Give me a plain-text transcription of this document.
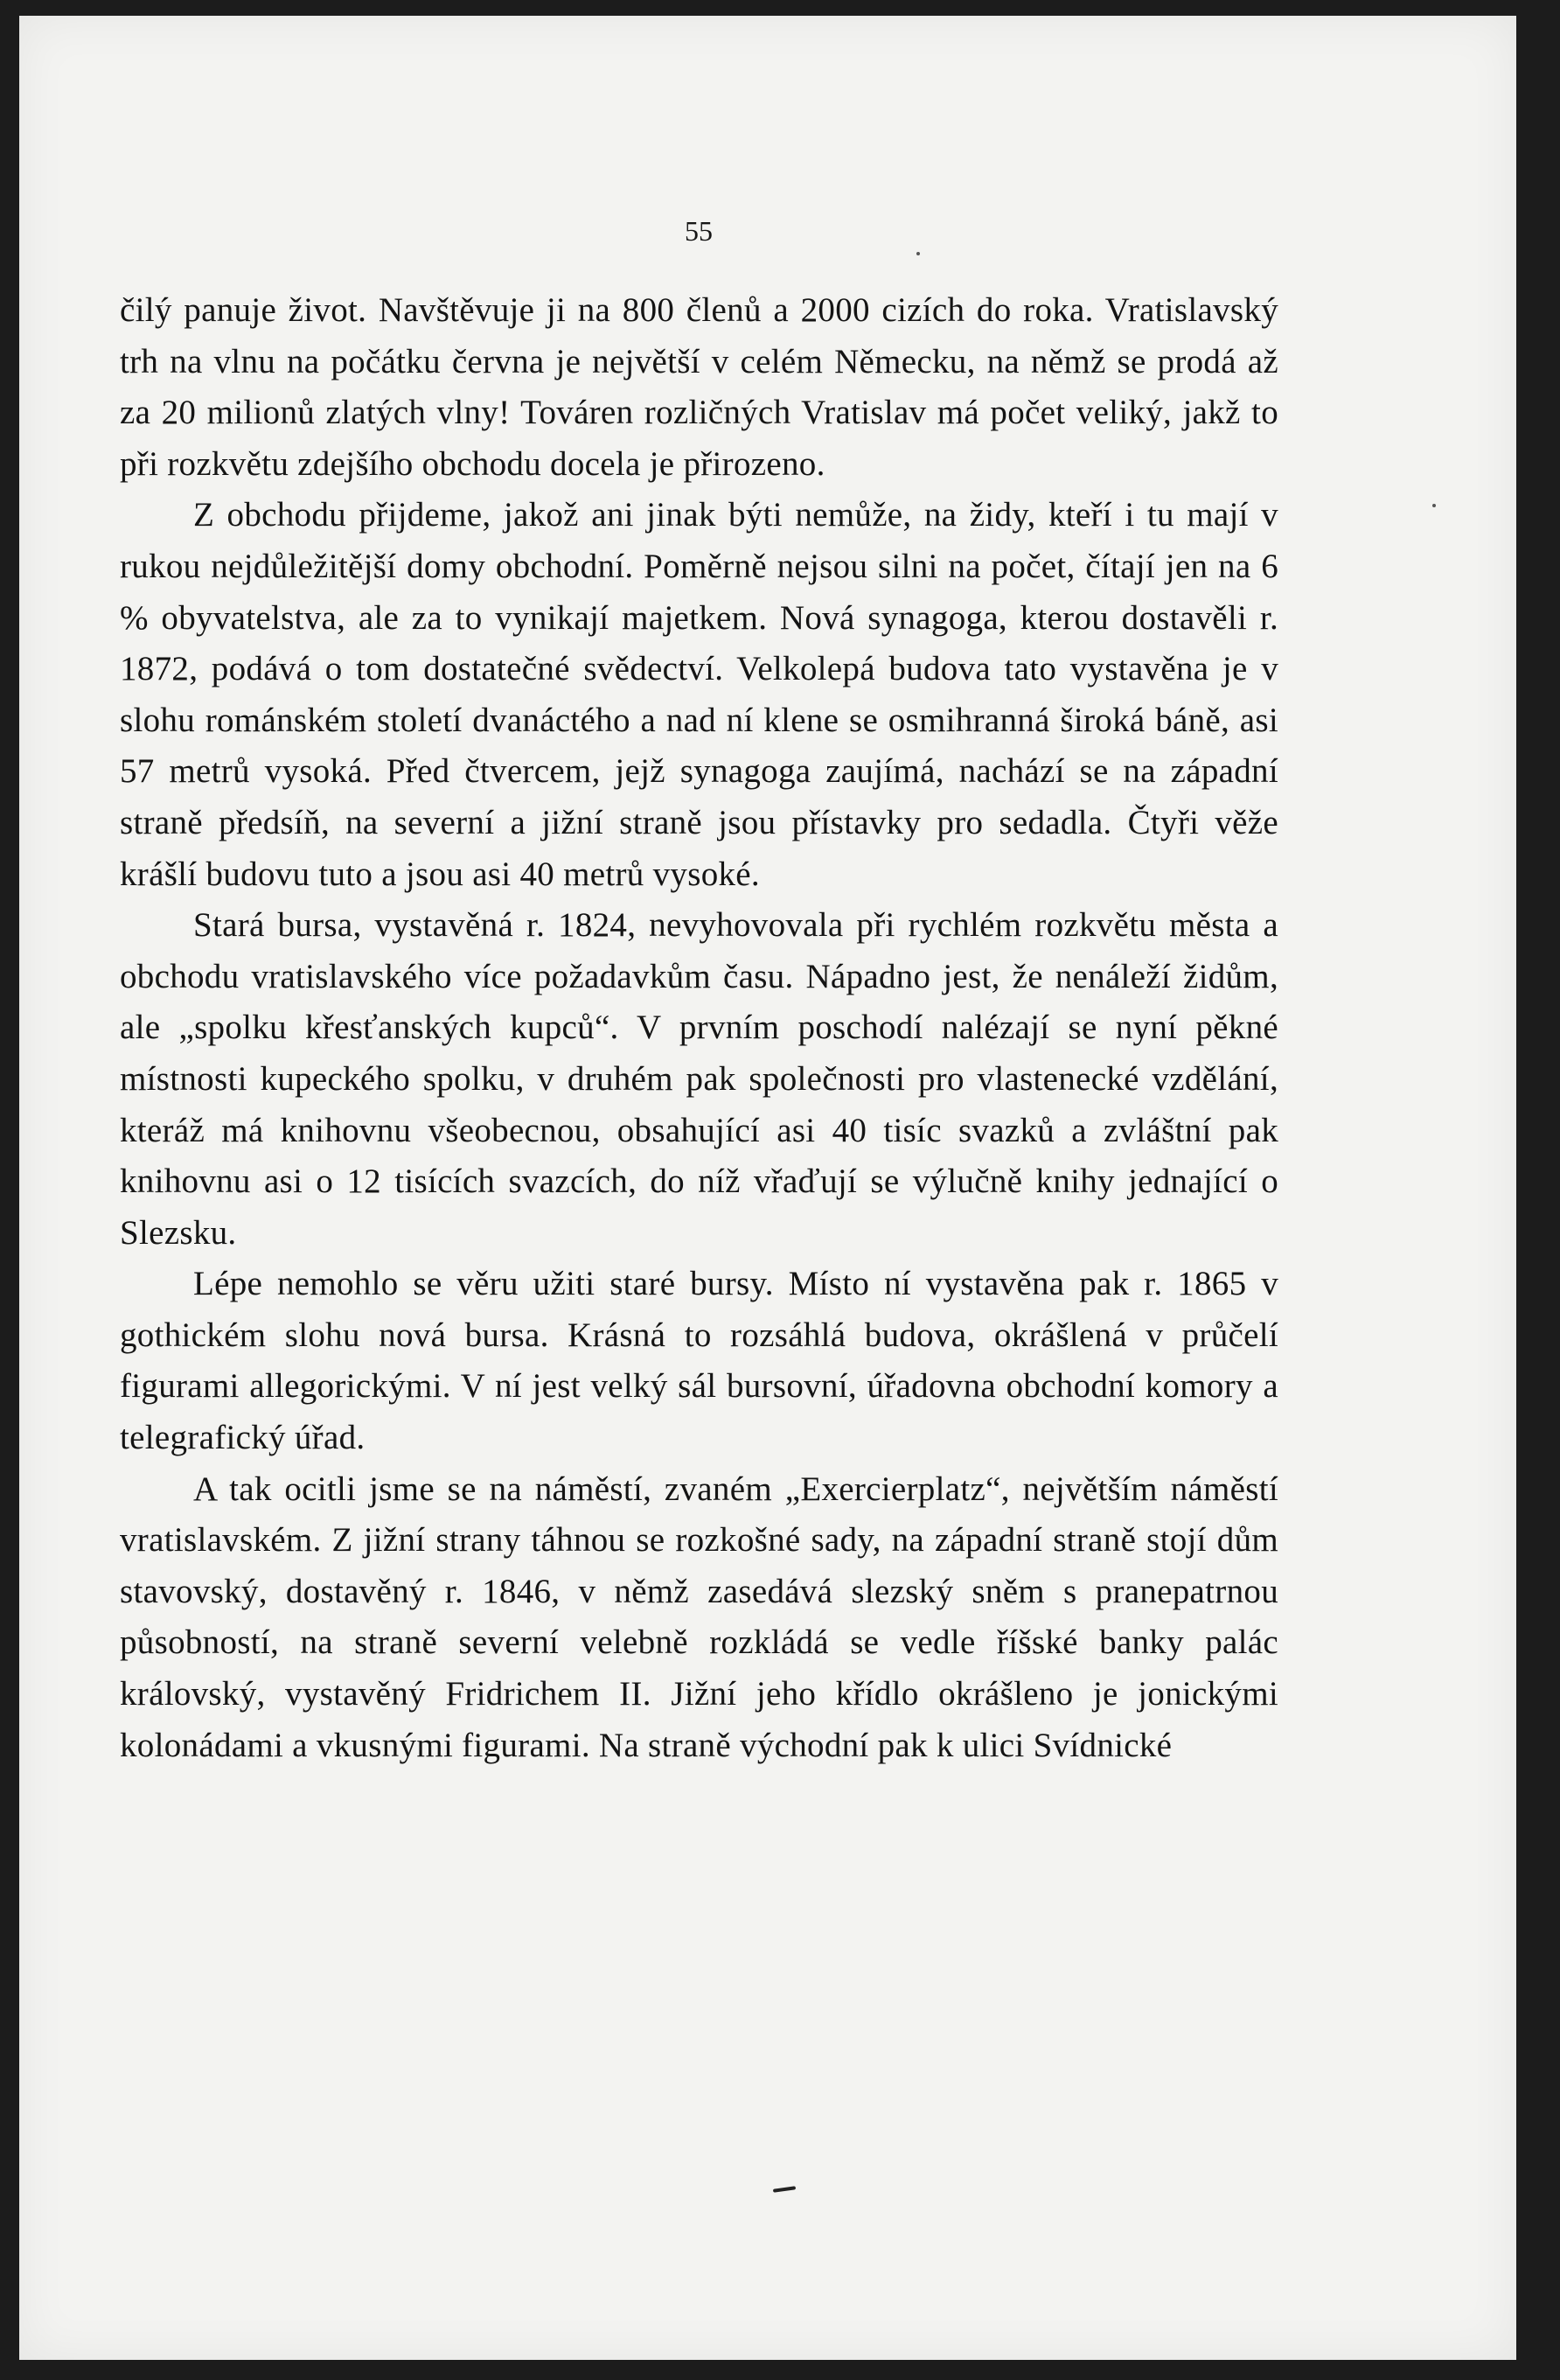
55

čilý panuje život. Navštěvuje ji na 800 členů a 2000 cizích do roka. Vratislavský trh na vlnu na počátku června je největší v celém Německu, na němž se prodá až za 20 milionů zlatých vlny! Továren rozličných Vratislav má počet veliký, jakž to při rozkvětu zdejšího obchodu docela je přirozeno.

Z obchodu přijdeme, jakož ani jinak býti nemůže, na židy, kteří i tu mají v rukou nejdůležitější domy obchodní. Poměrně nejsou silni na počet, čítají jen na 6 % obyvatelstva, ale za to vynikají majetkem. Nová synagoga, kterou dostavěli r. 1872, podává o tom dostatečné svědectví. Velkolepá budova tato vystavěna je v slohu románském století dvanáctého a nad ní klene se osmihranná široká báně, asi 57 metrů vysoká. Před čtvercem, jejž synagoga zaujímá, nachází se na západní straně předsíň, na severní a jižní straně jsou přístavky pro sedadla. Čtyři věže krášlí budovu tuto a jsou asi 40 metrů vysoké.

Stará bursa, vystavěná r. 1824, nevyhovovala při rychlém rozkvětu města a obchodu vratislavského více požadavkům času. Nápadno jest, že nenáleží židům, ale „spolku křesťanských kupců“. V prvním poschodí nalézají se nyní pěkné místnosti kupeckého spolku, v druhém pak společnosti pro vlastenecké vzdělání, kteráž má knihovnu všeobecnou, obsahující asi 40 tisíc svazků a zvláštní pak knihovnu asi o 12 tisících svazcích, do níž vřaďují se výlučně knihy jednající o Slezsku.

Lépe nemohlo se věru užiti staré bursy. Místo ní vystavěna pak r. 1865 v gothickém slohu nová bursa. Krásná to rozsáhlá budova, okrášlená v průčelí figurami allegorickými. V ní jest velký sál bursovní, úřadovna obchodní komory a telegrafický úřad.

A tak ocitli jsme se na náměstí, zvaném „Exercierplatz“, největším náměstí vratislavském. Z jižní strany táhnou se rozkošné sady, na západní straně stojí dům stavovský, dostavěný r. 1846, v němž zasedává slezský sněm s pranepatrnou působností, na straně severní velebně rozkládá se vedle říšské banky palác královský, vystavěný Fridrichem II. Jižní jeho křídlo okrášleno je jonickými kolonádami a vkusnými figurami. Na straně východní pak k ulici Svídnické
